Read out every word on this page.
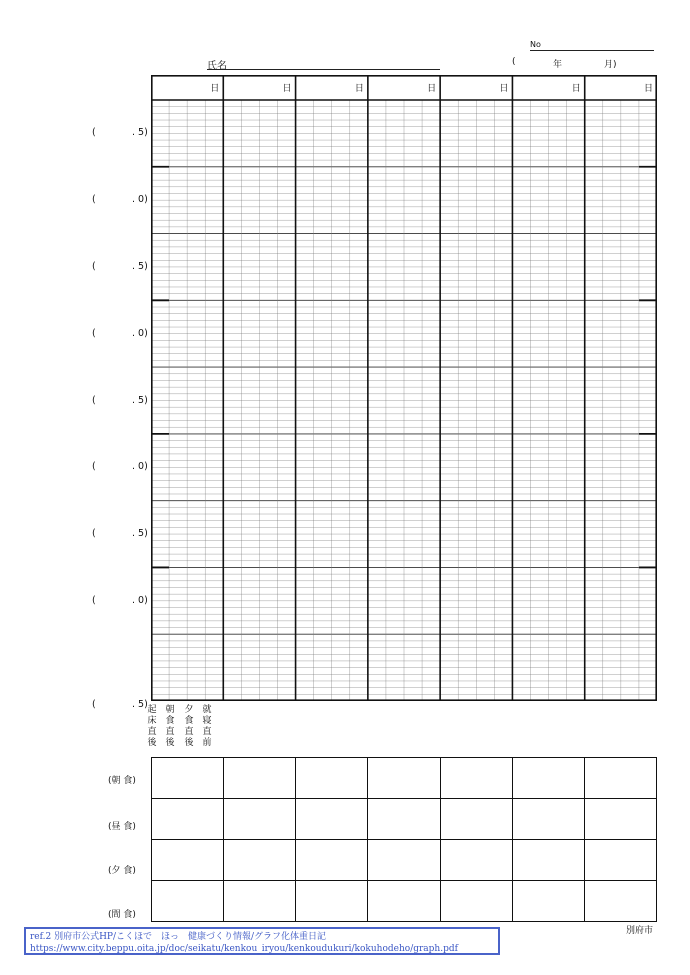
No
氏名	(	年	月)
日	日	日	日	日	日	日
(	. 5)
(	. 0)
(	. 5)
(	. 0)
(	. 5)
(	. 0)
(	. 5)
(	. 0)
(	. 5)
起
床
直
後
朝
食
直
後
夕
食
直
後
就
寝
直
前

(朝 食)
(昼 食)
(夕 食)
(間 食)
別府市
ref.2 別府市公式HP/こくほで　ほっ　健康づくり情報/グラフ化体重日記
https://www.city.beppu.oita.jp/doc/seikatu/kenkou_iryou/kenkoudukuri/kokuhodeho/graph.pdf
